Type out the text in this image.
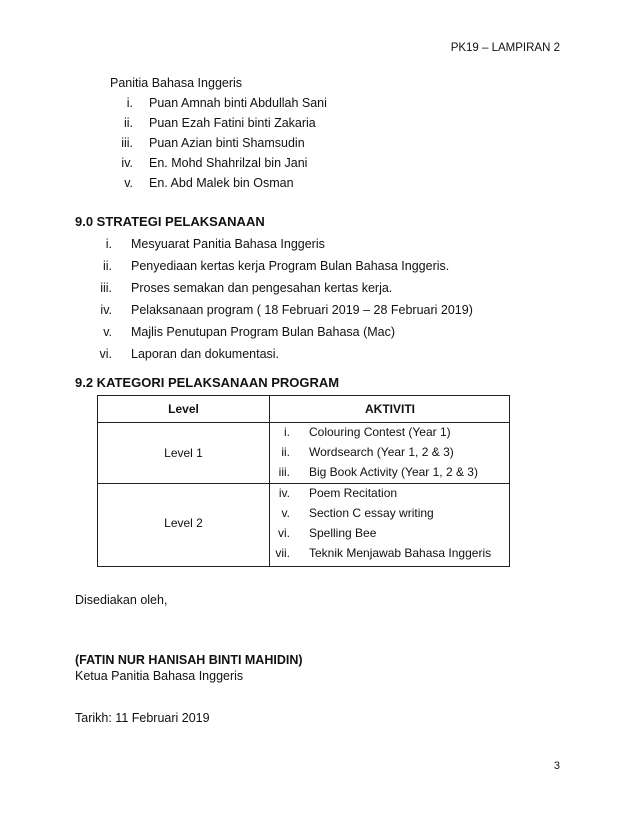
PK19 – LAMPIRAN 2
Panitia Bahasa Inggeris
i. Puan Amnah binti Abdullah Sani
ii. Puan Ezah Fatini binti Zakaria
iii. Puan Azian binti Shamsudin
iv. En. Mohd Shahrilzal bin Jani
v. En. Abd Malek bin Osman
9.0 STRATEGI PELAKSANAAN
i. Mesyuarat Panitia Bahasa Inggeris
ii. Penyediaan kertas kerja Program Bulan Bahasa Inggeris.
iii. Proses semakan dan pengesahan kertas kerja.
iv. Pelaksanaan program ( 18 Februari 2019 – 28 Februari 2019)
v. Majlis Penutupan Program Bulan Bahasa (Mac)
vi. Laporan dan dokumentasi.
9.2 KATEGORI PELAKSANAAN PROGRAM
Level	AKTIVITI
Level 1
i. Colouring Contest (Year 1)
ii. Wordsearch (Year 1, 2 & 3)
iii. Big Book Activity (Year 1, 2 & 3)
Level 2
iv. Poem Recitation
v. Section C essay writing
vi. Spelling Bee
vii. Teknik Menjawab Bahasa Inggeris
Disediakan oleh,
(FATIN NUR HANISAH BINTI MAHIDIN)
Ketua Panitia Bahasa Inggeris
Tarikh: 11 Februari 2019
3
